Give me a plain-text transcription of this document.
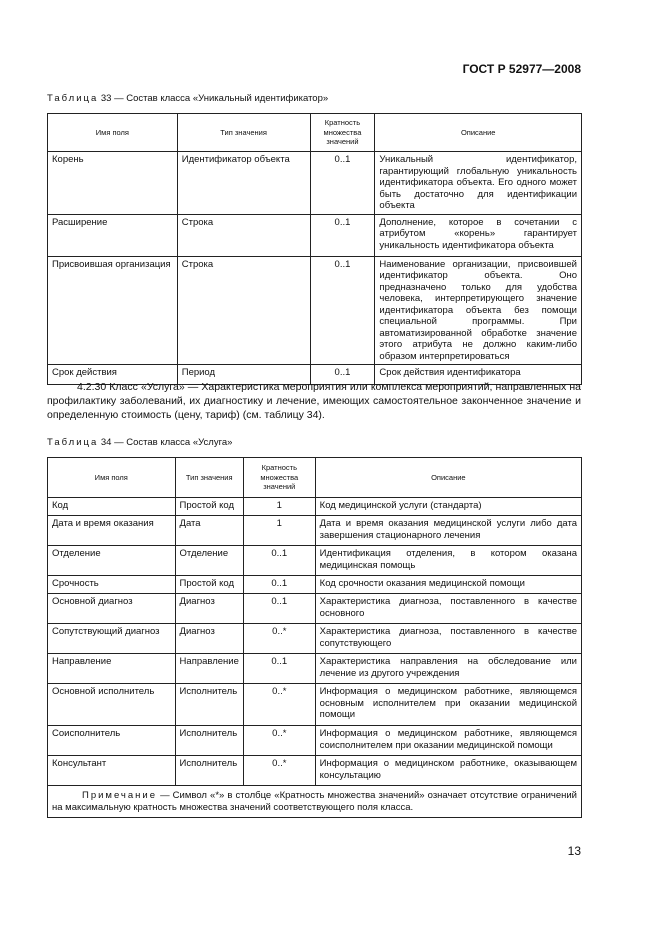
ГОСТ Р 52977—2008
Таблица 33 — Состав класса «Уникальный идентификатор»
Имя поля	Тип значения	Кратность множества значений	Описание
Корень	Идентификатор объекта	0..1	Уникальный идентификатор, гарантирующий глобальную уникальность идентификатора объекта. Его одного может быть достаточно для идентификации объекта
Расширение	Строка	0..1	Дополнение, которое в сочетании с атрибутом «корень» гарантирует уникальность идентификатора объекта
Присвоившая организация	Строка	0..1	Наименование организации, присвоившей идентификатор объекта. Оно предназначено только для удобства человека, интерпретирующего значение идентификатора объекта без помощи специальной программы. При автоматизированной обработке значение этого атрибута не должно каким-либо образом интерпретироваться
Срок действия	Период	0..1	Срок действия идентификатора
4.2.30 Класс «Услуга» — Характеристика мероприятия или комплекса мероприятий, направленных на профилактику заболеваний, их диагностику и лечение, имеющих самостоятельное законченное значение и определенную стоимость (цену, тариф) (см. таблицу 34).
Таблица 34 — Состав класса «Услуга»
Имя поля	Тип значения	Кратность множества значений	Описание
Код	Простой код	1	Код медицинской услуги (стандарта)
Дата и время оказания	Дата	1	Дата и время оказания медицинской услуги либо дата завершения стационарного лечения
Отделение	Отделение	0..1	Идентификация отделения, в котором оказана медицинская помощь
Срочность	Простой код	0..1	Код срочности оказания медицинской помощи
Основной диагноз	Диагноз	0..1	Характеристика диагноза, поставленного в качестве основного
Сопутствующий диагноз	Диагноз	0..*	Характеристика диагноза, поставленного в качестве сопутствующего
Направление	Направление	0..1	Характеристика направления на обследование или лечение из другого учреждения
Основной исполнитель	Исполнитель	0..*	Информация о медицинском работнике, являющемся основным исполнителем при оказании медицинской помощи
Соисполнитель	Исполнитель	0..*	Информация о медицинском работнике, являющемся соисполнителем при оказании медицинской помощи
Консультант	Исполнитель	0..*	Информация о медицинском работнике, оказывающем консультацию
Примечание — Символ «*» в столбце «Кратность множества значений» означает отсутствие ограничений на максимальную кратность множества значений соответствующего поля класса.			
13
